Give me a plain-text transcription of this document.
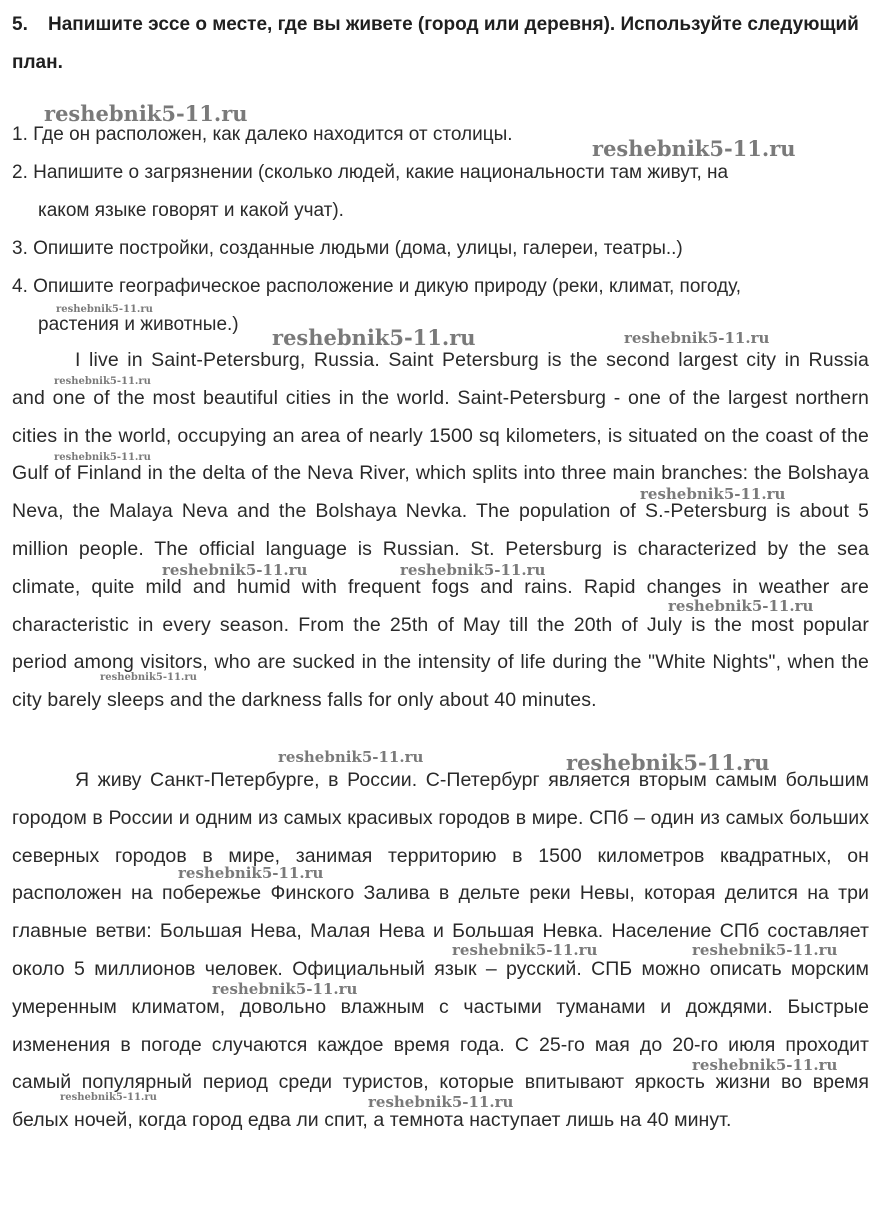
5. Напишите эссе о месте, где вы живете (город или деревня). Используйте следующий план.
1. Где он расположен, как далеко находится от столицы.
2. Напишите о загрязнении (сколько людей, какие национальности там живут, на
каком языке говорят и какой учат).
3. Опишите постройки, созданные людьми (дома, улицы, галереи, театры..)
4. Опишите географическое расположение и дикую природу (реки, климат, погоду,
растения и животные.)

I live in Saint-Petersburg, Russia. Saint Petersburg is the second largest city in Russia and one of the most beautiful cities in the world. Saint-Petersburg - one of the largest northern cities in the world, occupying an area of nearly 1500 sq kilometers, is situated on the coast of the Gulf of Finland in the delta of the Neva River, which splits into three main branches: the Bolshaya Neva, the Malaya Neva and the Bolshaya Nevka. The population of S.-Petersburg is about 5 million people. The official language is Russian. St. Petersburg is characterized by the sea climate, quite mild and humid with frequent fogs and rains. Rapid changes in weather are characteristic in every season. From the 25th of May till the 20th of July is the most popular period among visitors, who are sucked in the intensity of life during the "White Nights", when the city barely sleeps and the darkness falls for only about 40 minutes.

Я живу Санкт-Петербурге, в России. С-Петербург является вторым самым большим городом в России и одним из самых красивых городов в мире. СПб – один из самых больших северных городов в мире, занимая территорию в 1500 километров квадратных, он расположен на побережье Финского Залива в дельте реки Невы, которая делится на три главные ветви: Большая Нева, Малая Нева и Большая Невка. Население СПб составляет около 5 миллионов человек. Официальный язык – русский. СПБ можно описать морским умеренным климатом, довольно влажным с частыми туманами и дождями. Быстрые изменения в погоде случаются каждое время года. С 25-го мая до 20-го июля проходит самый популярный период среди туристов, которые впитывают яркость жизни во время белых ночей, когда город едва ли спит, а темнота наступает лишь на 40 минут.

reshebnik5-11.ru
reshebnik5-11.ru
reshebnik5-11.ru
reshebnik5-11.ru	reshebnik5-11.ru
reshebnik5-11.ru
reshebnik5-11.ru
reshebnik5-11.ru
reshebnik5-11.ru	reshebnik5-11.ru
reshebnik5-11.ru
reshebnik5-11.ru
reshebnik5-11.ru	reshebnik5-11.ru
reshebnik5-11.ru
reshebnik5-11.ru	reshebnik5-11.ru
reshebnik5-11.ru
reshebnik5-11.ru
reshebnik5-11.ru	reshebnik5-11.ru
